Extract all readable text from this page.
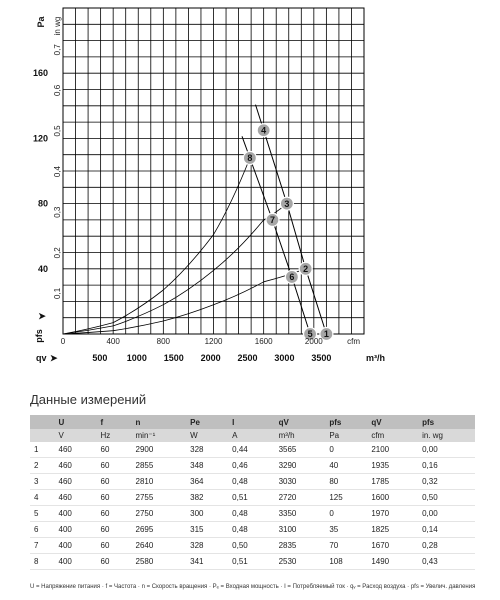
1
2
3
4
5
6
7
8
40
80
120
160
0,1
0,2
0,3
0,4
0,5
0,6
0,7
Pa in wg
pfs
➤
0	400	800	1200	1600	2000	cfm
500 1000 1500 2000 2500 3000 3500
qv ➤	m³/h
Данные измерений
	U	f	n	Pe	I	qV	pfs	qV	pfs
	V	Hz	min⁻¹	W	A	m³/h	Pa	cfm	in. wg
1	460	60	2900	328	0,44	3565	0	2100	0,00
2	460	60	2855	348	0,46	3290	40	1935	0,16
3	460	60	2810	364	0,48	3030	80	1785	0,32
4	460	60	2755	382	0,51	2720	125	1600	0,50
5	400	60	2750	300	0,48	3350	0	1970	0,00
6	400	60	2695	315	0,48	3100	35	1825	0,14
7	400	60	2640	328	0,50	2835	70	1670	0,28
8	400	60	2580	341	0,51	2530	108	1490	0,43
U = Напряжение питания · f = Частота · n = Скорость вращения · Pₑ = Входная мощность · I = Потребляемый ток · qᵥ = Расход воздуха · pfs = Увелич. давления
